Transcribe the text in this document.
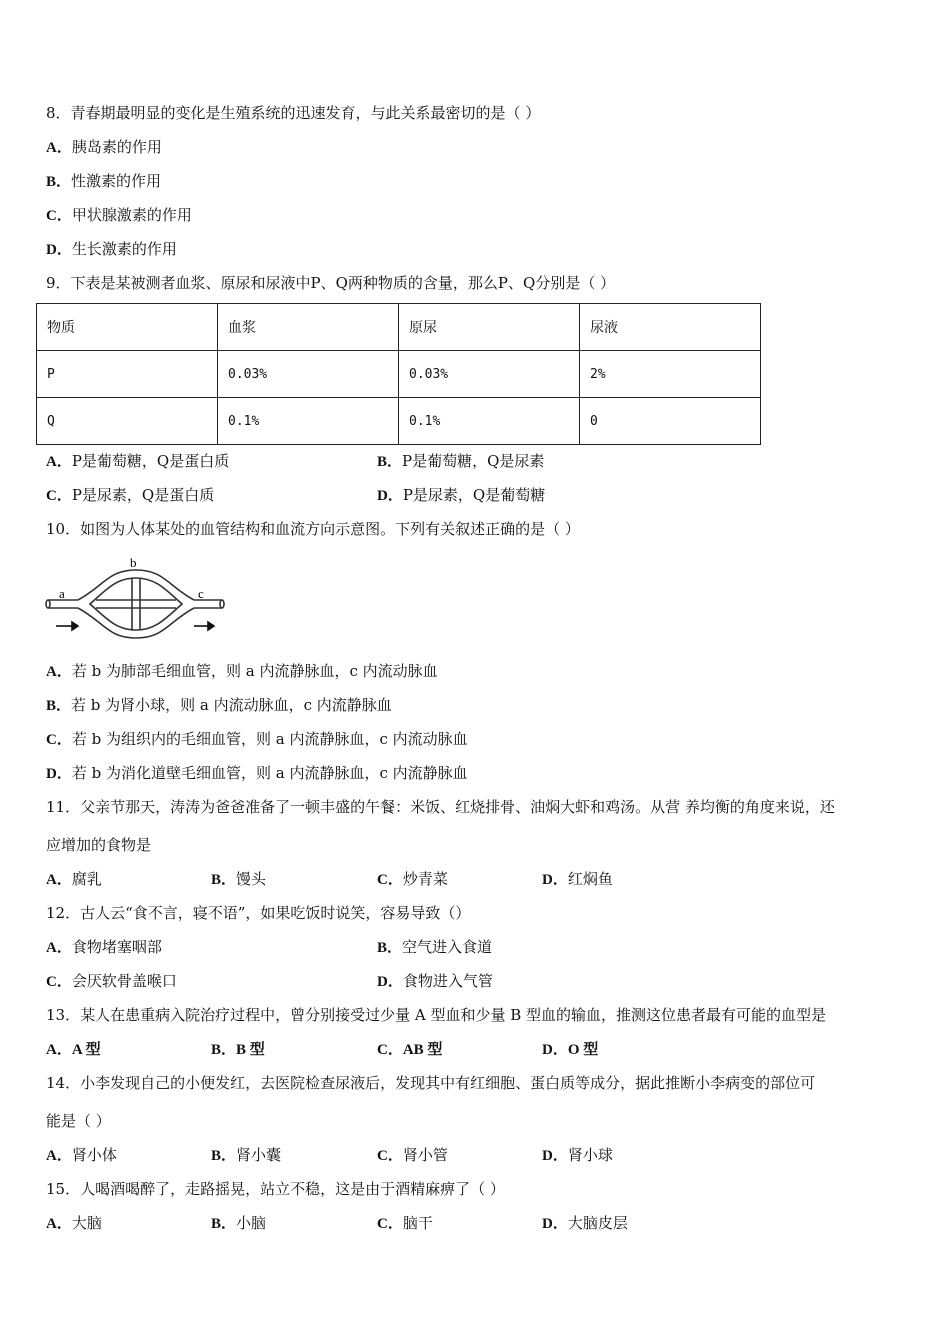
8．青春期最明显的变化是生殖系统的迅速发育，与此关系最密切的是（ ）
A．胰岛素的作用
B．性激素的作用
C．甲状腺激素的作用
D．生长激素的作用
9．下表是某被测者血浆、原尿和尿液中P、Q两种物质的含量，那么P、Q分别是（ ）
物质	血浆	原尿	尿液
P	0.03%	0.03%	2%
Q	0.1%	0.1%	0
A．P是葡萄糖，Q是蛋白质	B．P是葡萄糖，Q是尿素
C．P是尿素，Q是蛋白质	D．P是尿素，Q是葡萄糖
10．如图为人体某处的血管结构和血流方向示意图。下列有关叙述正确的是（ ）
a
b
c
A．若 b 为肺部毛细血管，则 a 内流静脉血，c 内流动脉血
B．若 b 为肾小球，则 a 内流动脉血，c 内流静脉血
C．若 b 为组织内的毛细血管，则 a 内流静脉血，c 内流动脉血
D．若 b 为消化道壁毛细血管，则 a 内流静脉血，c 内流静脉血
11．父亲节那天，涛涛为爸爸准备了一顿丰盛的午餐：米饭、红烧排骨、油焖大虾和鸡汤。从营 养均衡的角度来说，还
应增加的食物是
A．腐乳	B．馒头	C．炒青菜	D．红焖鱼
12．古人云“食不言，寝不语”，如果吃饭时说笑，容易导致（）
A．食物堵塞咽部	B．空气进入食道
C．会厌软骨盖喉口	D．食物进入气管
13．某人在患重病入院治疗过程中，曾分别接受过少量 A 型血和少量 B 型血的输血，推测这位患者最有可能的血型是
A．A 型	B．B 型	C．AB 型	D．O 型
14．小李发现自己的小便发红，去医院检查尿液后，发现其中有红细胞、蛋白质等成分，据此推断小李病变的部位可
能是（ ）
A．肾小体	B．肾小囊	C．肾小管	D．肾小球
15．人喝酒喝醉了，走路摇晃，站立不稳，这是由于酒精麻痹了（ ）
A．大脑	B．小脑	C．脑干	D．大脑皮层
